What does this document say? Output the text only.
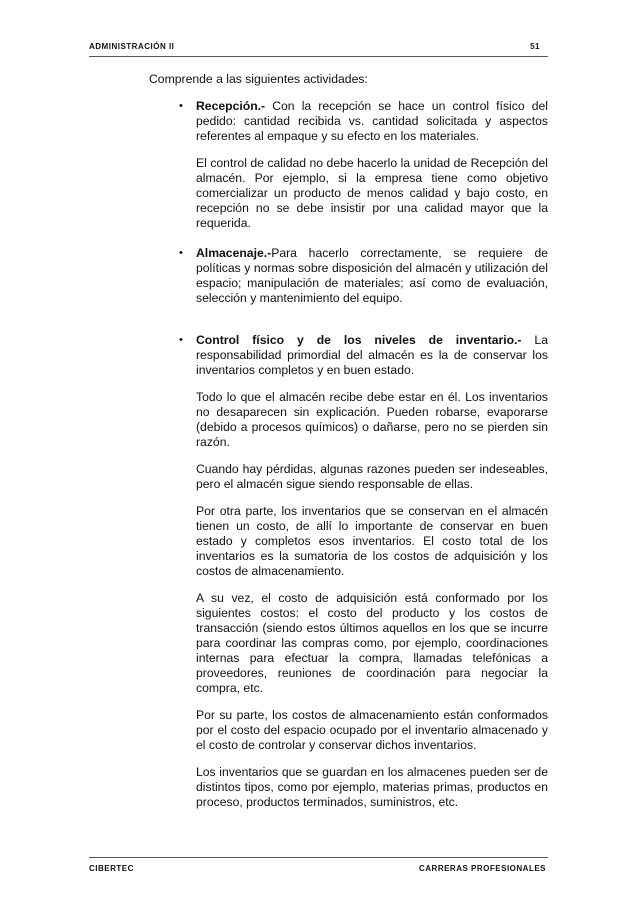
ADMINISTRACIÓN II	51

Comprende a las siguientes actividades:

• Recepción.- Con la recepción se hace un control físico del pedido: cantidad recibida vs. cantidad solicitada y aspectos referentes al empaque y su efecto en los materiales.

El control de calidad no debe hacerlo la unidad de Recepción del almacén. Por ejemplo, si la empresa tiene como objetivo comercializar un producto de menos calidad y bajo costo, en recepción no se debe insistir por una calidad mayor que la requerida.

• Almacenaje.-Para hacerlo correctamente, se requiere de políticas y normas sobre disposición del almacén y utilización del espacio; manipulación de materiales; así como de evaluación, selección y mantenimiento del equipo.

• Control físico y de los niveles de inventario.- La responsabilidad primordial del almacén es la de conservar los inventarios completos y en buen estado.

Todo lo que el almacén recibe debe estar en él. Los inventarios no desaparecen sin explicación. Pueden robarse, evaporarse (debido a procesos químicos) o dañarse, pero no se pierden sin razón.

Cuando hay pérdidas, algunas razones pueden ser indeseables, pero el almacén sigue siendo responsable de ellas.

Por otra parte, los inventarios que se conservan en el almacén tienen un costo, de allí lo importante de conservar en buen estado y completos esos inventarios. El costo total de los inventarios es la sumatoria de los costos de adquisición y los costos de almacenamiento.

A su vez, el costo de adquisición está conformado por los siguientes costos: el costo del producto y los costos de transacción (siendo estos últimos aquellos en los que se incurre para coordinar las compras como, por ejemplo, coordinaciones internas para efectuar la compra, llamadas telefónicas a proveedores, reuniones de coordinación para negociar la compra, etc.

Por su parte, los costos de almacenamiento están conformados por el costo del espacio ocupado por el inventario almacenado y el costo de controlar y conservar dichos inventarios.

Los inventarios que se guardan en los almacenes pueden ser de distintos tipos, como por ejemplo, materias primas, productos en proceso, productos terminados, suministros, etc.

CIBERTEC	CARRERAS PROFESIONALES
